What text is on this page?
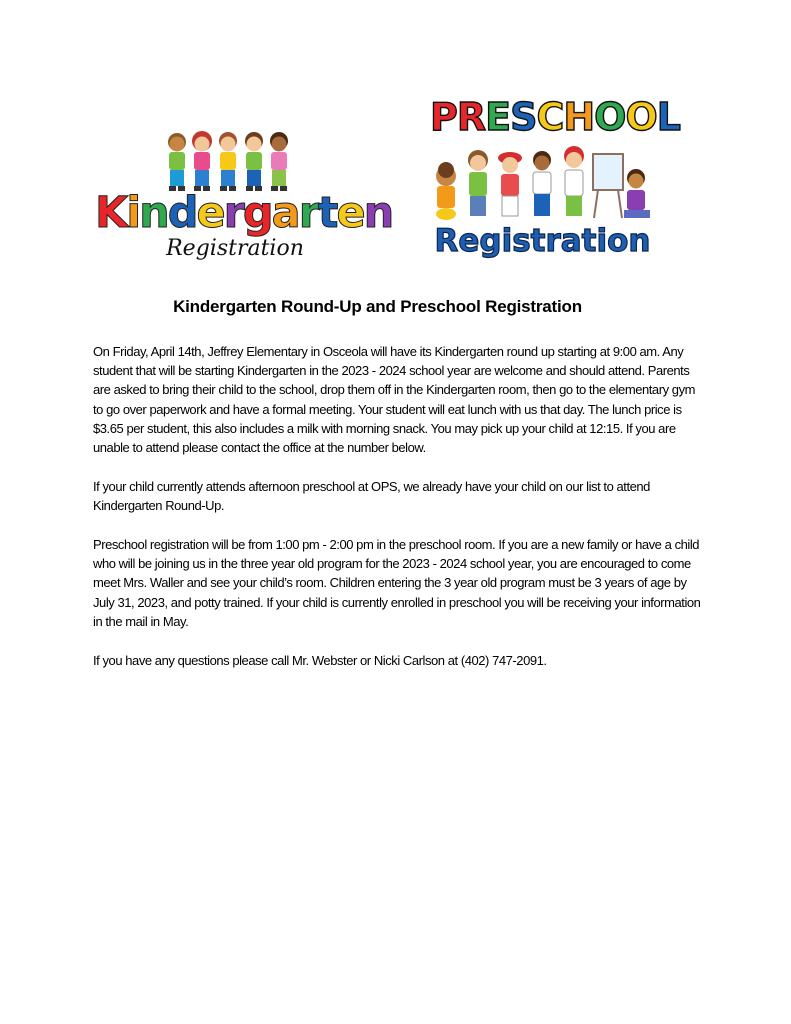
Kindergarten
Registration
PRESCHOOL
Registration
Kindergarten Round-Up and Preschool Registration

On Friday, April 14th, Jeffrey Elementary in Osceola will have its Kindergarten round up starting at 9:00 am. Any student that will be starting Kindergarten in the 2023 - 2024 school year are welcome and should attend. Parents are asked to bring their child to the school, drop them off in the Kindergarten room, then go to the elementary gym to go over paperwork and have a formal meeting. Your student will eat lunch with us that day. The lunch price is $3.65 per student, this also includes a milk with morning snack. You may pick up your child at 12:15. If you are unable to attend please contact the office at the number below.

If your child currently attends afternoon preschool at OPS, we already have your child on our list to attend Kindergarten Round-Up.

Preschool registration will be from 1:00 pm - 2:00 pm in the preschool room. If you are a new family or have a child who will be joining us in the three year old program for the 2023 - 2024 school year, you are encouraged to come meet Mrs. Waller and see your child’s room. Children entering the 3 year old program must be 3 years of age by July 31, 2023, and potty trained. If your child is currently enrolled in preschool you will be receiving your information in the mail in May.

If you have any questions please call Mr. Webster or Nicki Carlson at (402) 747-2091.
